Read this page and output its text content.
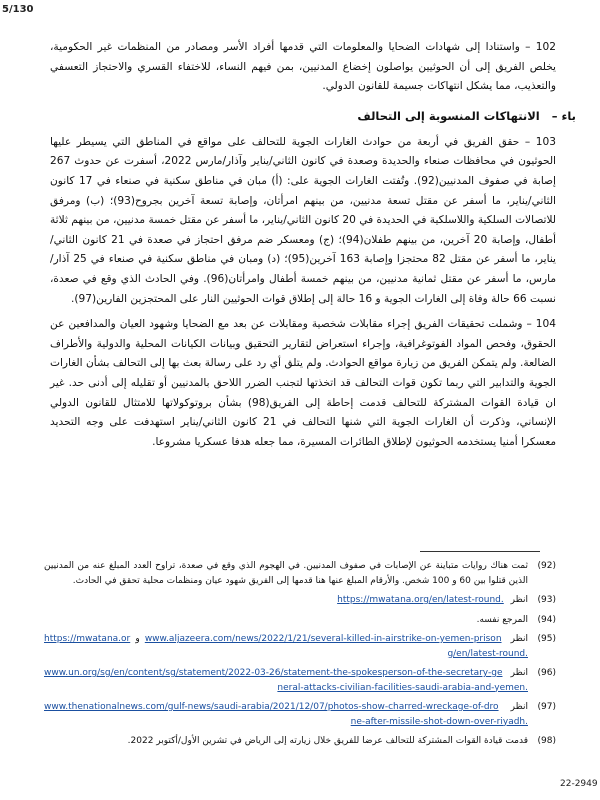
5/130

102 – واستنادا إلى شهادات الضحايا والمعلومات التي قدمها أفراد الأسر ومصادر من المنظمات غير الحكومية، يخلص الفريق إلى أن الحوثيين يواصلون إخضاع المدنيين، بمن فيهم النساء، للاختفاء القسري والاحتجاز التعسفي والتعذيب، مما يشكل انتهاكات جسيمة للقانون الدولي.

باء –
الانتهاكات المنسوبة إلى التحالف

103 – حقق الفريق في أربعة من حوادث الغارات الجوية للتحالف على مواقع في المناطق التي يسيطر عليها الحوثيون في محافظات صنعاء والحديدة وصعدة في كانون الثاني/يناير وآذار/مارس 2022، أسفرت عن حدوث 267 إصابة في صفوف المدنيين(92). وتُفتت الغارات الجوية على: (أ) مبان في مناطق سكنية في صنعاء في 17 كانون الثاني/يناير، ما أسفر عن مقتل تسعة مدنيين، من بينهم امرأتان، وإصابة تسعة آخرين بجروح(93)؛ (ب) ومرفق للاتصالات السلكية واللاسلكية في الحديدة في 20 كانون الثاني/يناير، ما أسفر عن مقتل خمسة مدنيين، من بينهم ثلاثة أطفال، وإصابة 20 آخرين، من بينهم طفلان(94)؛ (ج) ومعسكر ضم مرفق احتجاز في صعدة في 21 كانون الثاني/يناير، ما أسفر عن مقتل 82 محتجزا وإصابة 163 آخرين(95)؛ (د) ومبان في مناطق سكنية في صنعاء في 25 آذار/مارس، ما أسفر عن مقتل ثمانية مدنيين، من بينهم خمسة أطفال وامرأتان(96). وفي الحادث الذي وقع في صعدة، نسبت 66 حالة وفاة إلى الغارات الجوية و 16 حالة إلى إطلاق قوات الحوثيين النار على المحتجزين الفارين(97).

104 – وشملت تحقيقات الفريق إجراء مقابلات شخصية ومقابلات عن بعد مع الضحايا وشهود العيان والمدافعين عن الحقوق، وفحص المواد الفوتوغرافية، وإجراء استعراض لتقارير التحقيق وبيانات الكيانات المحلية والدولية والأطراف الضالعة. ولم يتمكن الفريق من زيارة مواقع الحوادث. ولم يتلق أي رد على رسالة بعث بها إلى التحالف بشأن الغارات الجوية والتدابير التي ربما تكون قوات التحالف قد اتخذتها لتجنب الضرر اللاحق بالمدنيين أو تقليله إلى أدنى حد. غير ان قيادة القوات المشتركة للتحالف قدمت إحاطة إلى الفريق(98) بشأن بروتوكولاتها للامتثال للقانون الدولي الإنساني، وذكرت أن الغارات الجوية التي شنها التحالف في 21 كانون الثاني/يناير استهدفت على وجه التحديد معسكرا أمنيا يستخدمه الحوثيون لإطلاق الطائرات المسيرة، مما جعله هدفا عسكريا مشروعا.

(92)
ثمت هناك روايات متباينة عن الإصابات في صفوف المدنيين. في الهجوم الذي وقع في صعدة، تراوح العدد المبلغ عنه من المدنيين الذين قتلوا بين 60 و 100 شخص. والأرقام المبلغ عنها هنا قدمها إلى الفريق شهود عيان ومنظمات محلية تحقق في الحادث.
(93)
انظر https://mwatana.org/en/latest-round.
(94)
المرجع نفسه.
(95)
انظر www.aljazeera.com/news/2022/1/21/several-killed-in-airstrike-on-yemen-prison و https://mwatana.org/en/latest-round.
(96)
انظر www.un.org/sg/en/content/sg/statement/2022-03-26/statement-the-spokesperson-of-the-secretary-general-attacks-civilian-facilities-saudi-arabia-and-yemen.
(97)
انظر www.thenationalnews.com/gulf-news/saudi-arabia/2021/12/07/photos-show-charred-wreckage-of-drone-after-missile-shot-down-over-riyadh.
(98)
قدمت قيادة القوات المشتركة للتحالف عرضا للفريق خلال زيارته إلى الرياض في تشرين الأول/أكتوبر 2022.
22-2949
